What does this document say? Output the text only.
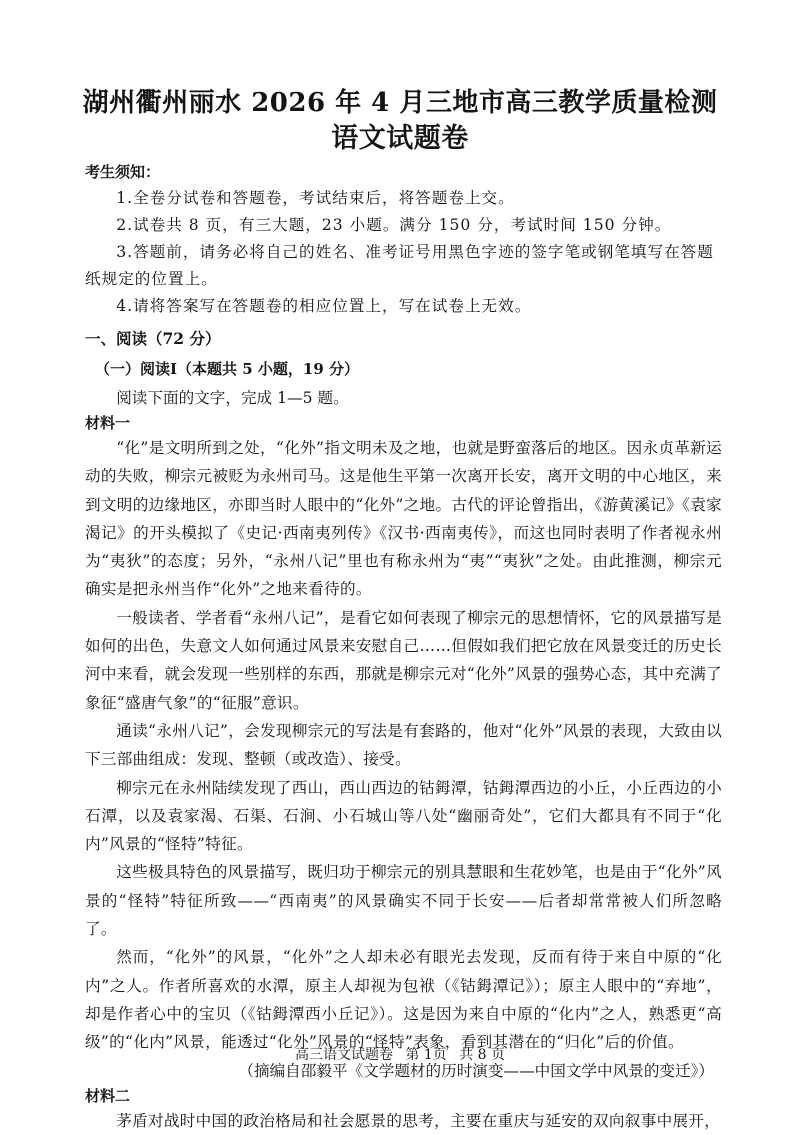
湖州衢州丽水 2026 年 4 月三地市高三教学质量检测
语文试题卷
考生须知：

1.全卷分试卷和答题卷，考试结束后，将答题卷上交。

2.试卷共 8 页，有三大题，23 小题。满分 150 分，考试时间 150 分钟。

3.答题前，请务必将自己的姓名、准考证号用黑色字迹的签字笔或钢笔填写在答题纸规定的位置上。

4.请将答案写在答题卷的相应位置上，写在试卷上无效。

一、阅读（72 分）
（一）阅读Ⅰ（本题共 5 小题，19 分）

阅读下面的文字，完成 1—5 题。

材料一

“化”是文明所到之处，“化外”指文明未及之地，也就是野蛮落后的地区。因永贞革新运动的失败，柳宗元被贬为永州司马。这是他生平第一次离开长安，离开文明的中心地区，来到文明的边缘地区，亦即当时人眼中的“化外”之地。古代的评论曾指出，《游黄溪记》《袁家渴记》的开头模拟了《史记·西南夷列传》《汉书·西南夷传》，而这也同时表明了作者视永州为“夷狄”的态度；另外，“永州八记”里也有称永州为“夷”“夷狄”之处。由此推测，柳宗元确实是把永州当作“化外”之地来看待的。

一般读者、学者看“永州八记”，是看它如何表现了柳宗元的思想情怀，它的风景描写是如何的出色，失意文人如何通过风景来安慰自己……但假如我们把它放在风景变迁的历史长河中来看，就会发现一些别样的东西，那就是柳宗元对“化外”风景的强势心态，其中充满了象征“盛唐气象”的“征服”意识。

通读“永州八记”，会发现柳宗元的写法是有套路的，他对“化外”风景的表现，大致由以下三部曲组成：发现、整顿（或改造）、接受。

柳宗元在永州陆续发现了西山，西山西边的钴鉧潭，钴鉧潭西边的小丘，小丘西边的小石潭，以及袁家渴、石渠、石涧、小石城山等八处“幽丽奇处”，它们大都具有不同于“化内”风景的“怪特”特征。

这些极具特色的风景描写，既归功于柳宗元的别具慧眼和生花妙笔，也是由于“化外”风景的“怪特”特征所致——“西南夷”的风景确实不同于长安——后者却常常被人们所忽略了。

然而，“化外”的风景，“化外”之人却未必有眼光去发现，反而有待于来自中原的“化内”之人。作者所喜欢的水潭，原主人却视为包袱（《钴鉧潭记》）；原主人眼中的“弃地”，却是作者心中的宝贝（《钴鉧潭西小丘记》）。这是因为来自中原的“化内”之人，熟悉更“高级”的“化内”风景，能透过“化外”风景的“怪特”表象，看到其潜在的“归化”后的价值。

（摘编自邵毅平《文学题材的历时演变——中国文学中风景的变迁》）

材料二

茅盾对战时中国的政治格局和社会愿景的思考，主要在重庆与延安的双向叙事中展开，

高三语文试题卷 第 1页 共 8 页
